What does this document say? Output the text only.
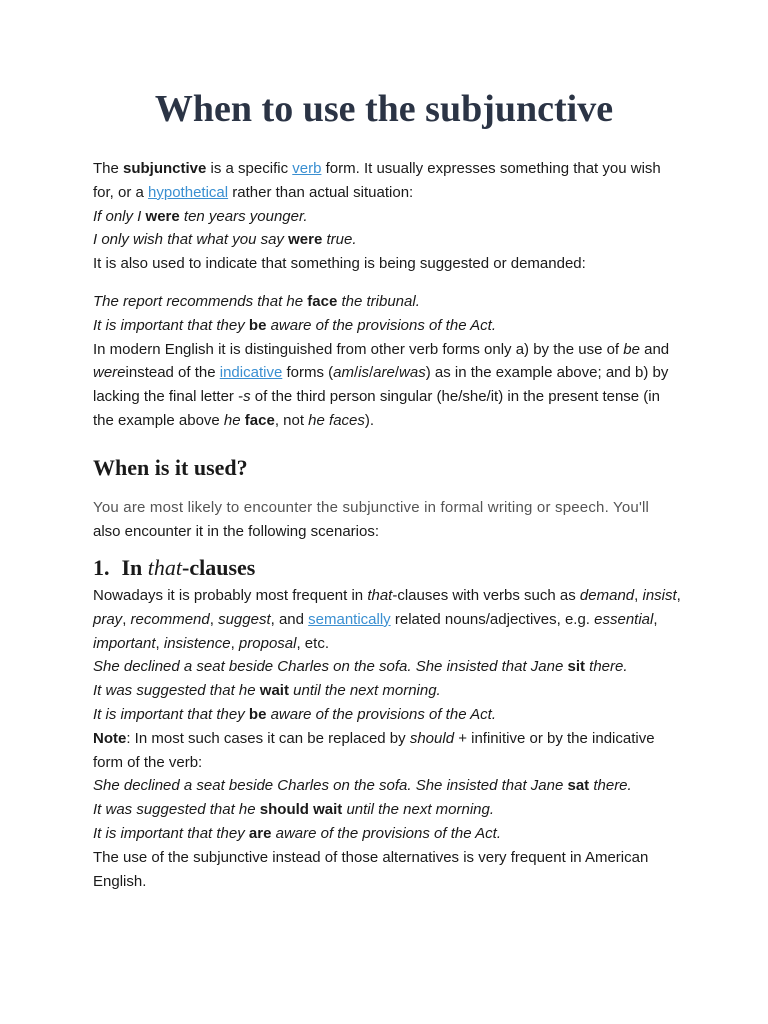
When to use the subjunctive

The subjunctive is a specific verb form. It usually expresses something that you wish for, or a hypothetical rather than actual situation:

If only I were ten years younger.

I only wish that what you say were true.

It is also used to indicate that something is being suggested or demanded:

The report recommends that he face the tribunal.

It is important that they be aware of the provisions of the Act.

In modern English it is distinguished from other verb forms only a) by the use of be and wereinstead of the indicative forms (am/is/are/was) as in the example above; and b) by lacking the final letter -s of the third person singular (he/she/it) in the present tense (in the example above he face, not he faces).

When is it used?

You are most likely to encounter the subjunctive in formal writing or speech. You'll

also encounter it in the following scenarios:

1. In that-clauses

Nowadays it is probably most frequent in that-clauses with verbs such as demand, insist, pray, recommend, suggest, and semantically related nouns/adjectives, e.g. essential, important, insistence, proposal, etc.

She declined a seat beside Charles on the sofa. She insisted that Jane sit there.

It was suggested that he wait until the next morning.

It is important that they be aware of the provisions of the Act.

Note: In most such cases it can be replaced by should + infinitive or by the indicative form of the verb:

She declined a seat beside Charles on the sofa. She insisted that Jane sat there.

It was suggested that he should wait until the next morning.

It is important that they are aware of the provisions of the Act.

The use of the subjunctive instead of those alternatives is very frequent in American English.
